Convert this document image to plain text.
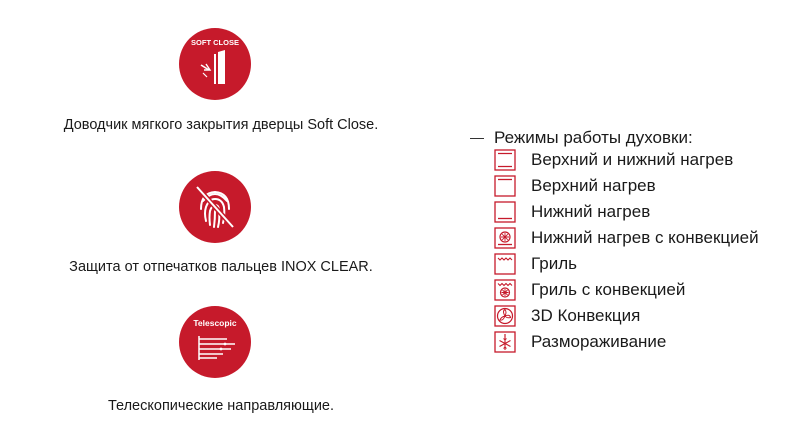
SOFT CLOSE
Доводчик мягкого закрытия дверцы Soft Close.
Защита от отпечатков пальцев INOX CLEAR.
Telescopic
Телескопические направляющие.
Режимы работы духовки:
Верхний и нижний нагрев
Верхний нагрев
Нижний нагрев
Нижний нагрев с конвекцией
Гриль
Гриль с конвекцией
3D Конвекция
Размораживание
